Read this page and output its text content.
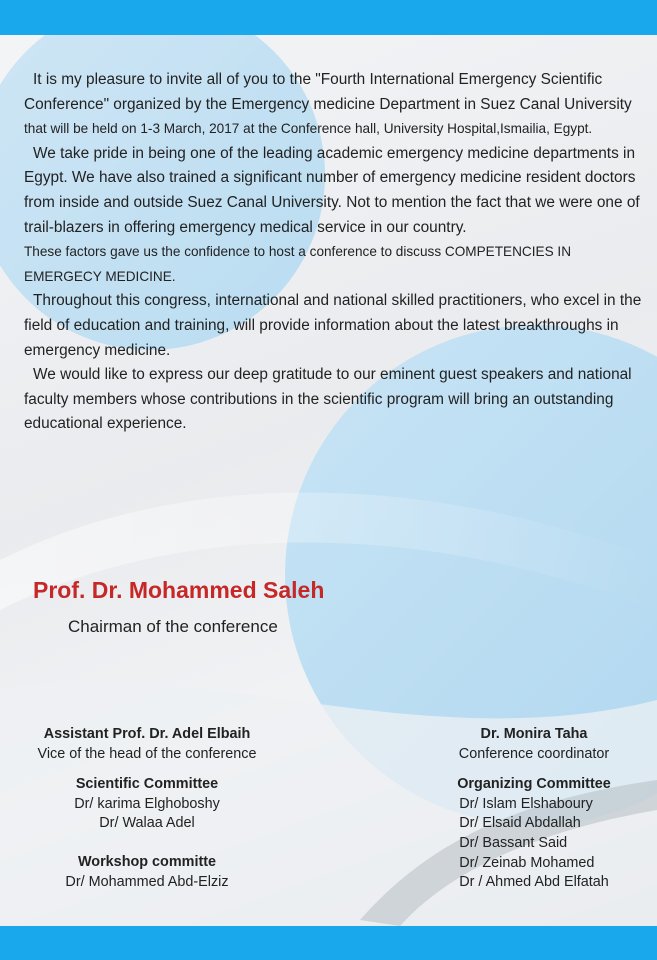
It is my pleasure to invite all of you to the "Fourth International Emergency Scientific Conference" organized by the Emergency medicine Department in Suez Canal University that will be held on 1-3 March, 2017 at the Conference hall, University Hospital,Ismailia, Egypt.

We take pride in being one of the leading academic emergency medicine departments in Egypt. We have also trained a significant number of emergency medicine resident doctors from inside and outside Suez Canal University. Not to mention the fact that we were one of trail-blazers in offering emergency medical service in our country.

These factors gave us the confidence to host a conference to discuss COMPETENCIES IN EMERGECY MEDICINE.

Throughout this congress, international and national skilled practitioners, who excel in the field of education and training, will provide information about the latest breakthroughs in emergency medicine.

We would like to express our deep gratitude to our eminent guest speakers and national faculty members whose contributions in the scientific program will bring an outstanding educational experience.

Prof. Dr. Mohammed Saleh
Chairman of the conference
Assistant Prof. Dr. Adel Elbaih
Vice of the head of the conference
Scientific Committee
Dr/ karima Elghoboshy
Dr/ Walaa Adel
Workshop committe
Dr/ Mohammed Abd-Elziz
Dr. Monira Taha
Conference coordinator
Organizing Committee
Dr/ Islam Elshaboury
Dr/ Elsaid Abdallah
Dr/ Bassant Said
Dr/ Zeinab Mohamed
Dr / Ahmed Abd Elfatah
